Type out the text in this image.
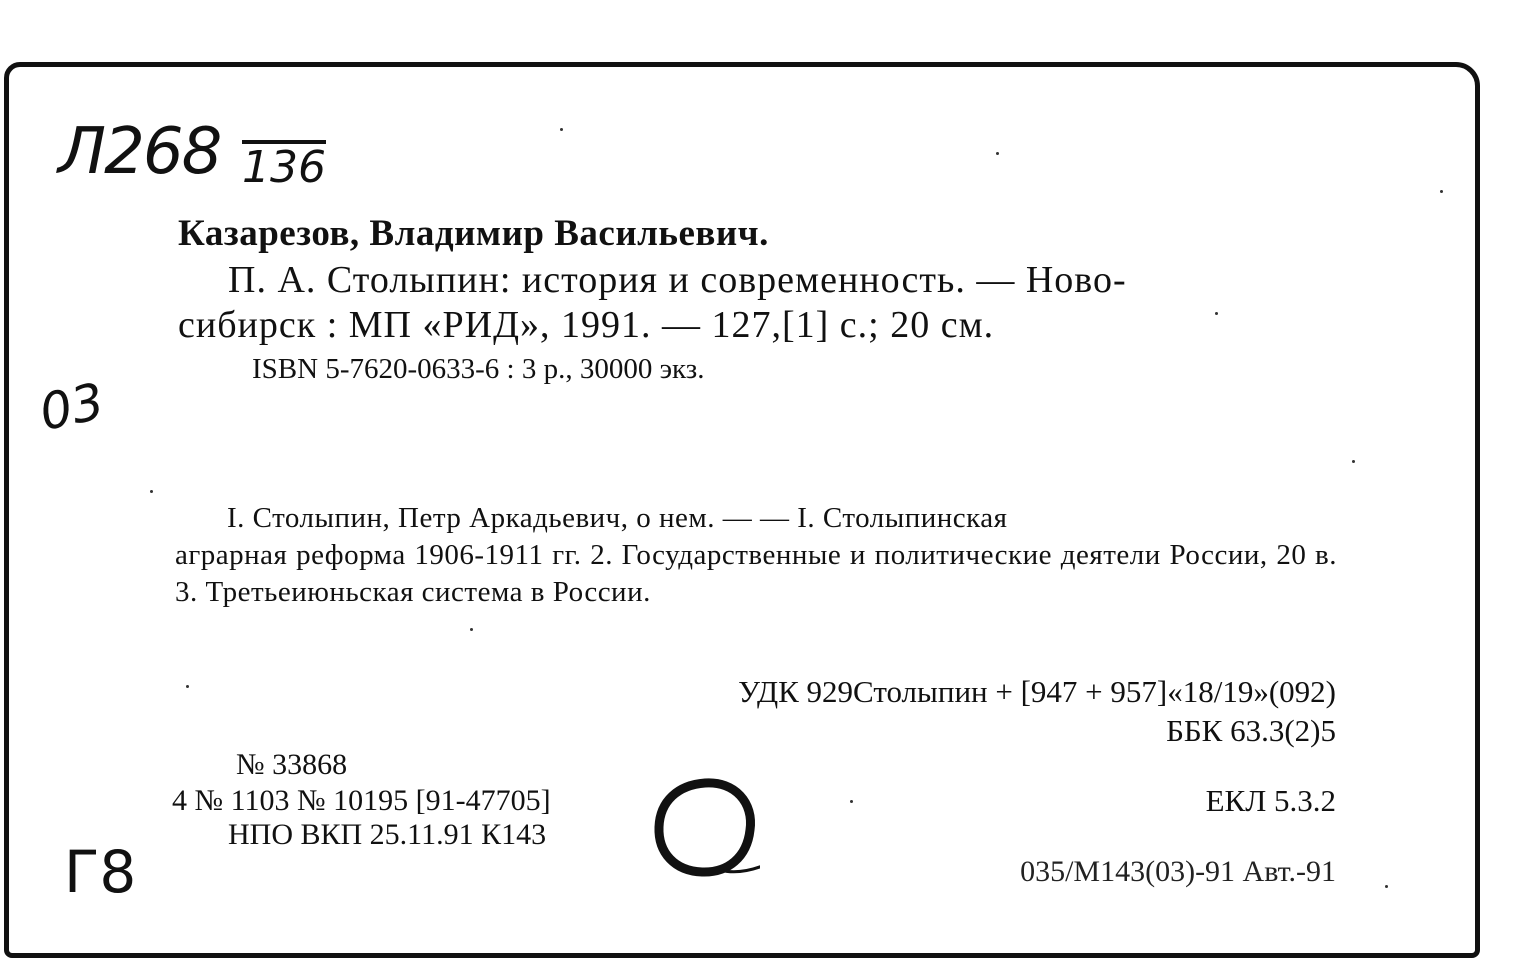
Л268 136
03
Г8
Казарезов, Владимир Васильевич.
П. А. Столыпин: история и современность. — Ново-
сибирск : МП «РИД», 1991. — 127,[1] с.; 20 см.
ISBN 5-7620-0633-6 : 3 р., 30000 экз.
I. Столыпин, Петр Аркадьевич, о нем. — — I. Столыпинская
аграрная реформа 1906-1911 гг. 2. Государственные и политические деятели России, 20 в. 3. Третьеиюньская система в России.
УДК 929Столыпин + [947 + 957]«18/19»(092)
ББК 63.3(2)5
ЕКЛ 5.3.2
035/М143(03)-91 Авт.-91
№ 33868
4 № 1103 № 10195 [91-47705]
НПО ВКП 25.11.91 К143
